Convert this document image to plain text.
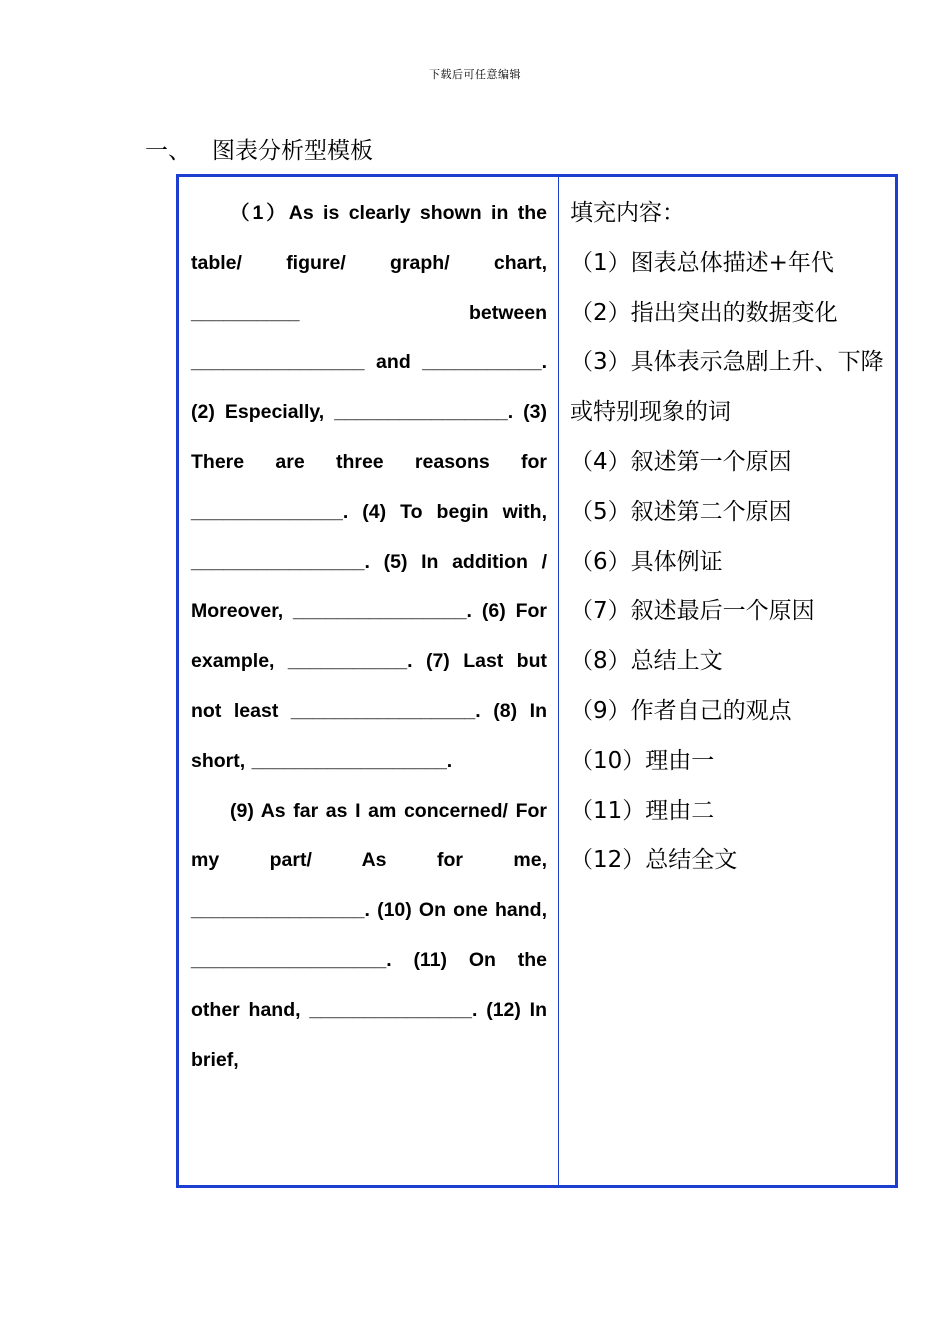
下载后可任意编辑
一、 图表分析型模板

（1）As is clearly shown in the table/ figure/ graph/ chart, __________ between ________________ and ___________. (2) Especially, ________________. (3) There are three reasons for ______________. (4) To begin with, ________________. (5) In addition / Moreover, ________________. (6) For example, ___________. (7) Last but not least _________________. (8) In short, __________________.

(9) As far as I am concerned/ For my part/ As for me, ________________. (10) On one hand, __________________. (11) On the other hand, _______________. (12) In brief,

填充内容：
（1）图表总体描述+年代
（2）指出突出的数据变化
（3）具体表示急剧上升、下降或特别现象的词
（4）叙述第一个原因
（5）叙述第二个原因
（6）具体例证
（7）叙述最后一个原因
（8）总结上文
（9）作者自己的观点
（10）理由一
（11）理由二
（12）总结全文
